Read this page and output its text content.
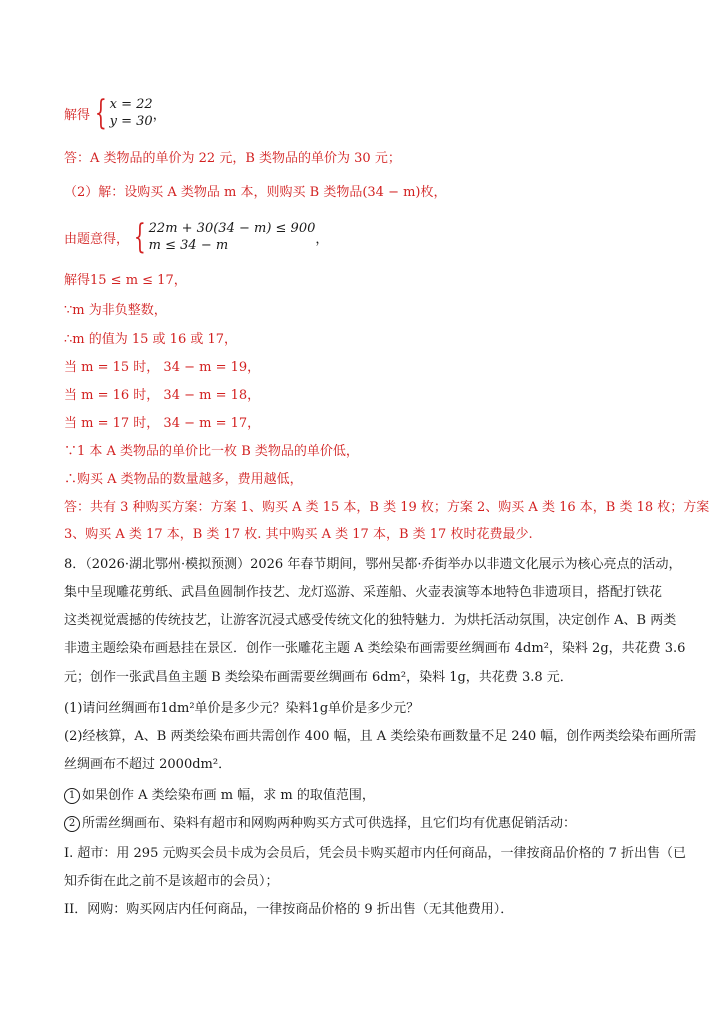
解得 { x = 22
y = 30 ，
答：A 类物品的单价为 22 元，B 类物品的单价为 30 元；
（2）解：设购买 A 类物品 m 本，则购买 B 类物品(34 − m)枚，
由题意得， { 22m + 30(34 − m) ≤ 900
m ≤ 34 − m	，
解得15 ≤ m ≤ 17，
∵m 为非负整数，
∴m 的值为 15 或 16 或 17，
当 m = 15 时， 34 − m = 19，
当 m = 16 时， 34 − m = 18，
当 m = 17 时， 34 − m = 17，
∵1 本 A 类物品的单价比一枚 B 类物品的单价低，
∴购买 A 类物品的数量越多，费用越低，
答：共有 3 种购买方案：方案 1、购买 A 类 15 本，B 类 19 枚；方案 2、购买 A 类 16 本，B 类 18 枚；方案
3、购买 A 类 17 本，B 类 17 枚. 其中购买 A 类 17 本，B 类 17 枚时花费最少.
8．（2026·湖北鄂州·模拟预测）2026 年春节期间，鄂州吴都·乔街举办以非遗文化展示为核心亮点的活动，
集中呈现雕花剪纸、武昌鱼圆制作技艺、龙灯巡游、采莲船、火壶表演等本地特色非遗项目，搭配打铁花
这类视觉震撼的传统技艺，让游客沉浸式感受传统文化的独特魅力．为烘托活动氛围，决定创作 A、B 两类
非遗主题绘染布画悬挂在景区．创作一张雕花主题 A 类绘染布画需要丝绸画布 4dm²，染料 2g，共花费 3.6
元；创作一张武昌鱼主题 B 类绘染布画需要丝绸画布 6dm²，染料 1g，共花费 3.8 元．
(1)请问丝绸画布1dm²单价是多少元？染料1g单价是多少元？
(2)经核算，A、B 两类绘染布画共需创作 400 幅，且 A 类绘染布画数量不足 240 幅，创作两类绘染布画所需
丝绸画布不超过 2000dm²．
1 如果创作 A 类绘染布画 m 幅，求 m 的取值范围，
2 所需丝绸画布、染料有超市和网购两种购买方式可供选择，且它们均有优惠促销活动：
I. 超市：用 295 元购买会员卡成为会员后，凭会员卡购买超市内任何商品，一律按商品价格的 7 折出售（已
知乔街在此之前不是该超市的会员）；
II．网购：购买网店内任何商品，一律按商品价格的 9 折出售（无其他费用）．
